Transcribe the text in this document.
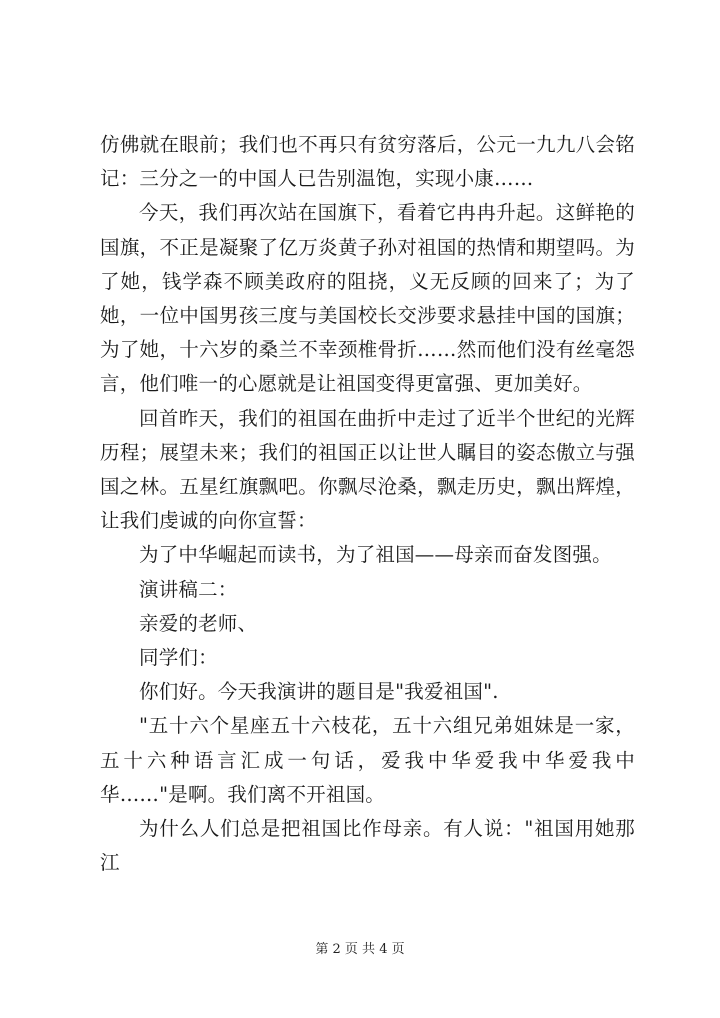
仿佛就在眼前；我们也不再只有贫穷落后，公元一九九八会铭记：三分之一的中国人已告别温饱，实现小康……

今天，我们再次站在国旗下，看着它冉冉升起。这鲜艳的国旗，不正是凝聚了亿万炎黄子孙对祖国的热情和期望吗。为了她，钱学森不顾美政府的阻挠，义无反顾的回来了；为了她，一位中国男孩三度与美国校长交涉要求悬挂中国的国旗；为了她，十六岁的桑兰不幸颈椎骨折……然而他们没有丝毫怨言，他们唯一的心愿就是让祖国变得更富强、更加美好。

回首昨天，我们的祖国在曲折中走过了近半个世纪的光辉历程；展望未来；我们的祖国正以让世人瞩目的姿态傲立与强国之林。五星红旗飘吧。你飘尽沧桑，飘走历史，飘出辉煌，让我们虔诚的向你宣誓：

为了中华崛起而读书，为了祖国——母亲而奋发图强。

演讲稿二：

亲爱的老师、

同学们：

你们好。今天我演讲的题目是"我爱祖国".

"五十六个星座五十六枝花，五十六组兄弟姐妹是一家，五十六种语言汇成一句话，爱我中华爱我中华爱我中华……"是啊。我们离不开祖国。

为什么人们总是把祖国比作母亲。有人说："祖国用她那江

第 2 页 共 4 页
